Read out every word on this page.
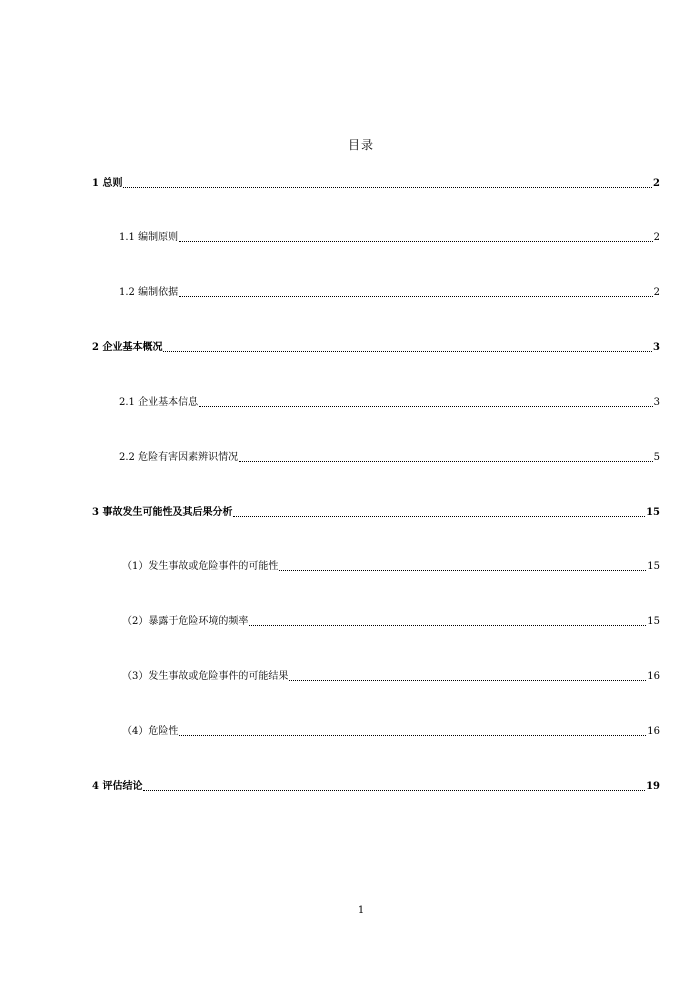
目录
1 总则	2
1.1 编制原则	2
1.2 编制依据	2
2 企业基本概况	3
2.1 企业基本信息	3
2.2 危险有害因素辨识情况	5
3 事故发生可能性及其后果分析	15
（1）发生事故或危险事件的可能性	15
（2）暴露于危险环境的频率	15
（3）发生事故或危险事件的可能结果	16
（4）危险性	16
4 评估结论	19
1
